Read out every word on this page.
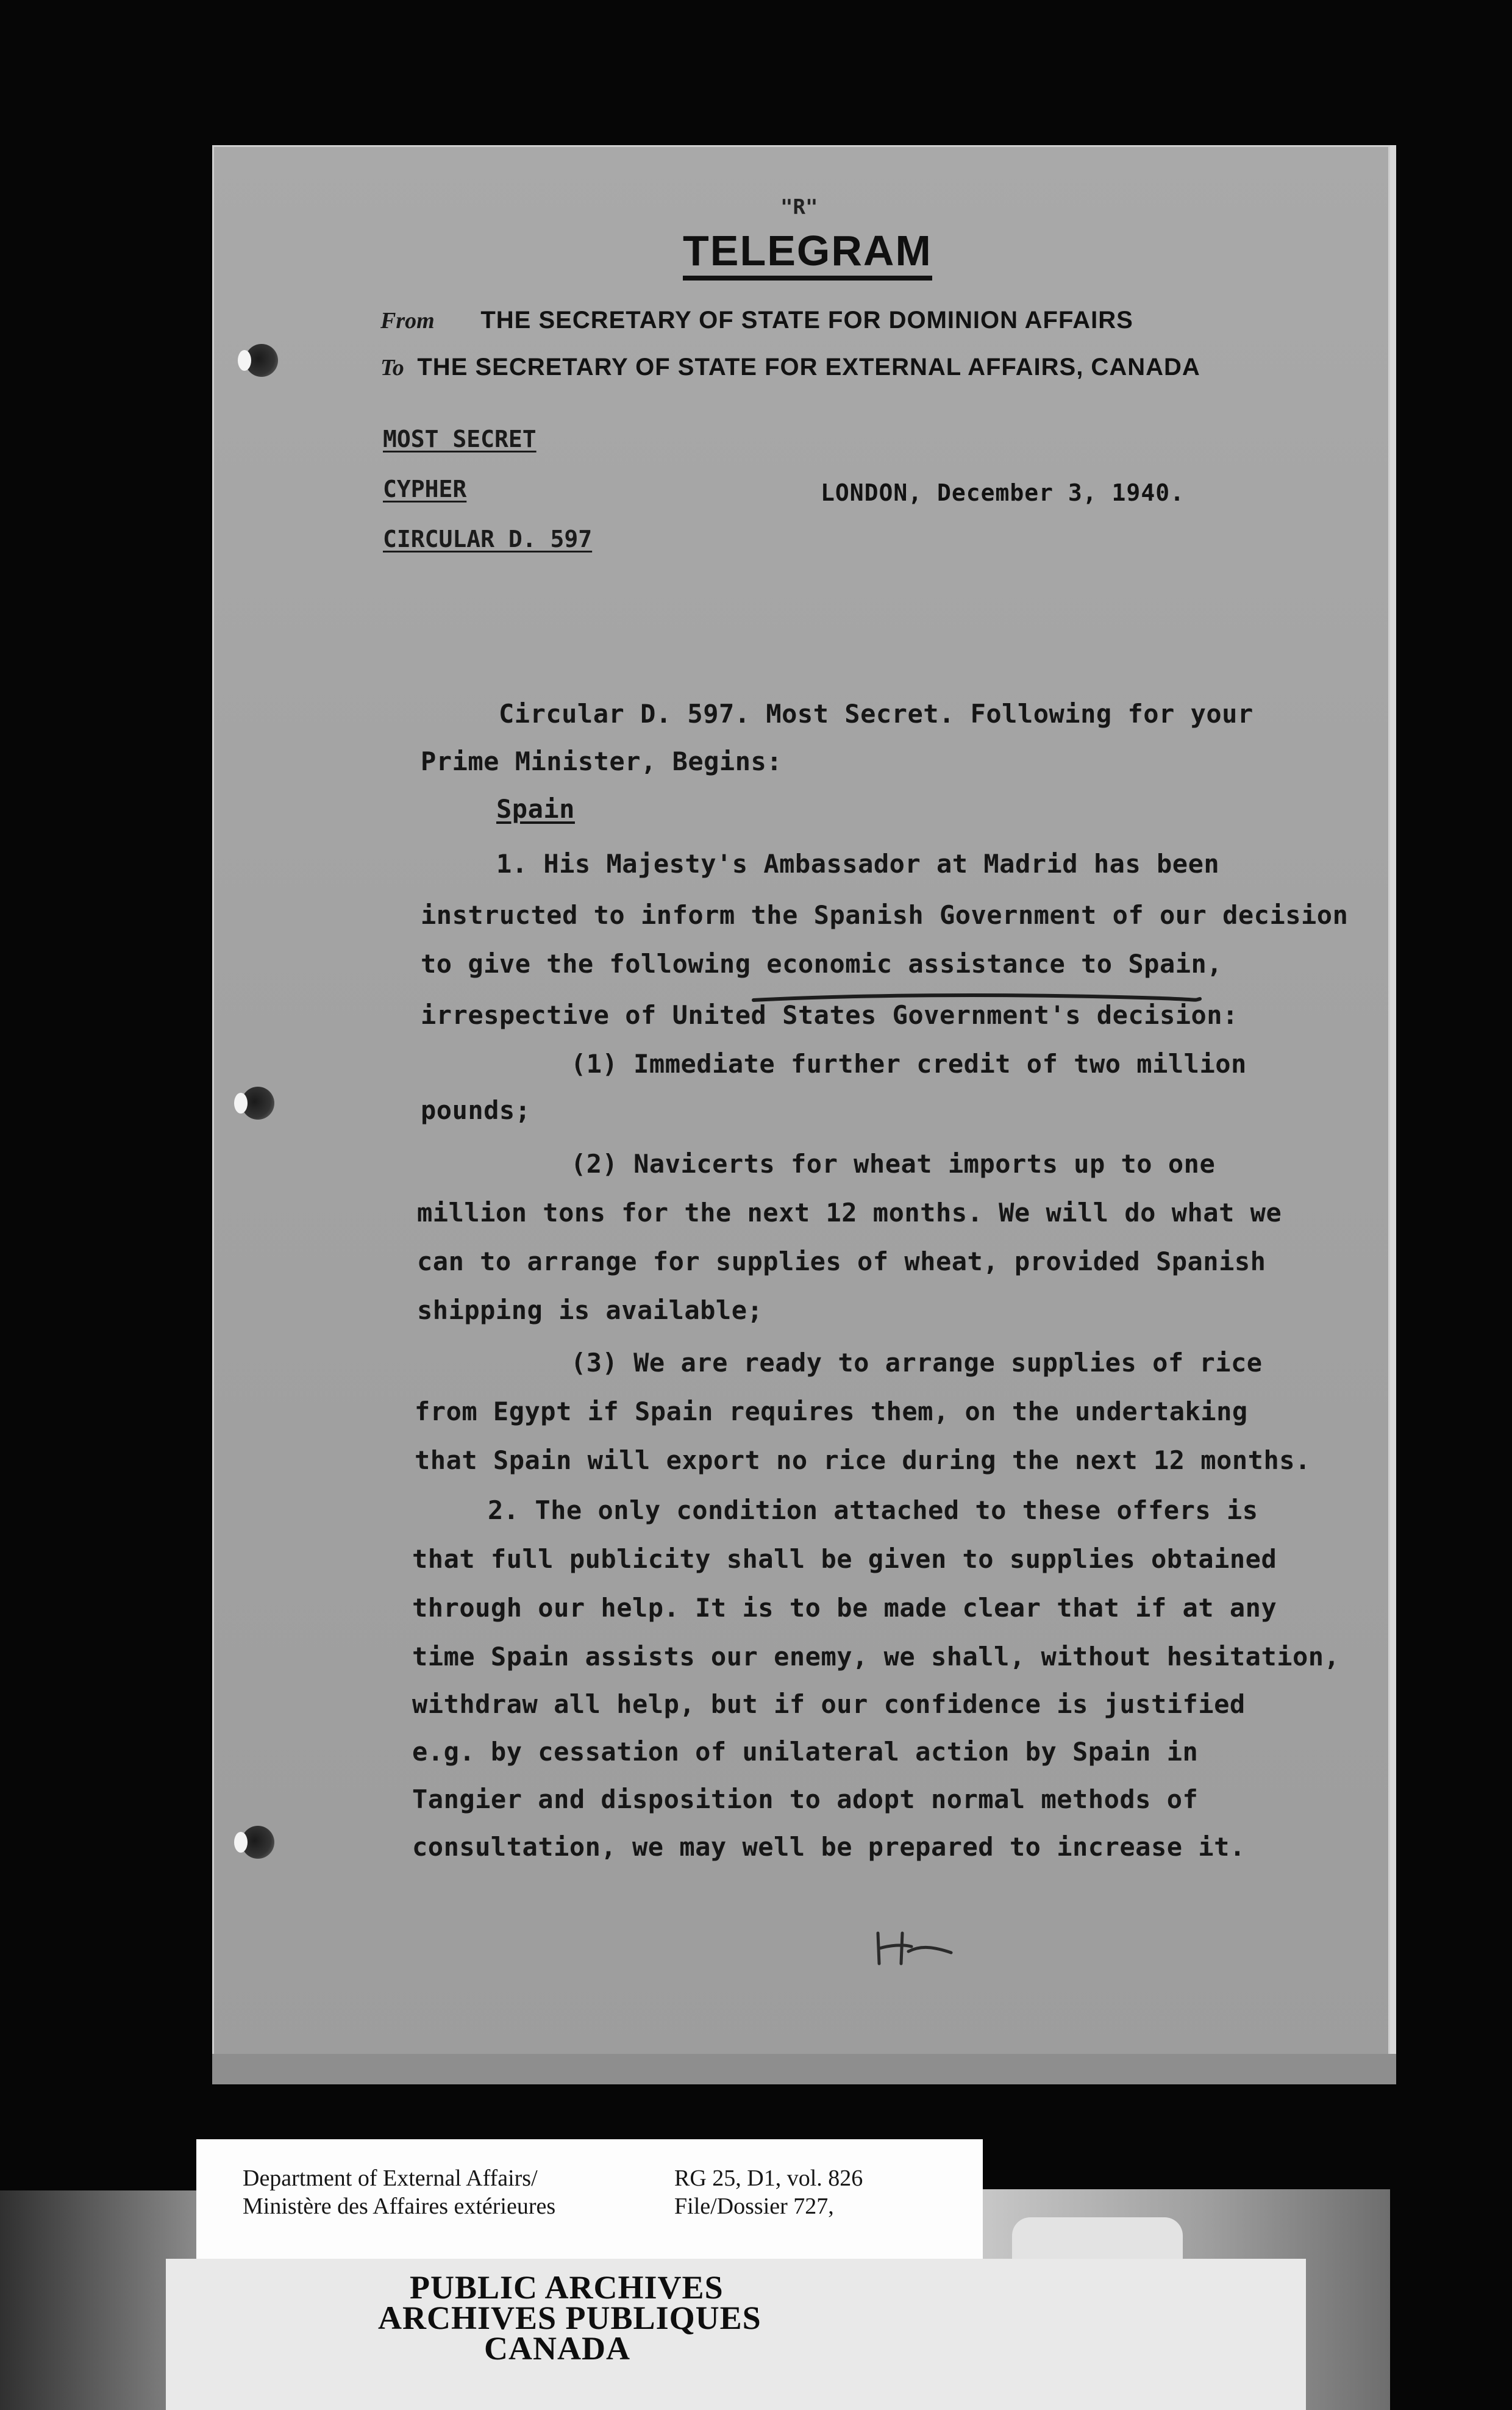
"R"
TELEGRAM
From THE SECRETARY OF STATE FOR DOMINION AFFAIRS
To THE SECRETARY OF STATE FOR EXTERNAL AFFAIRS, CANADA
MOST SECRET
CYPHER
CIRCULAR D. 597
LONDON, December 3, 1940.
Circular D. 597. Most Secret. Following for your
Prime Minister, Begins:
Spain
1. His Majesty's Ambassador at Madrid has been
instructed to inform the Spanish Government of our decision
to give the following economic assistance to Spain,
irrespective of United States Government's decision:
(1) Immediate further credit of two million
pounds;
(2) Navicerts for wheat imports up to one
million tons for the next 12 months. We will do what we
can to arrange for supplies of wheat, provided Spanish
shipping is available;
(3) We are ready to arrange supplies of rice
from Egypt if Spain requires them, on the undertaking
that Spain will export no rice during the next 12 months.
2. The only condition attached to these offers is
that full publicity shall be given to supplies obtained
through our help. It is to be made clear that if at any
time Spain assists our enemy, we shall, without hesitation,
withdraw all help, but if our confidence is justified
e.g. by cessation of unilateral action by Spain in
Tangier and disposition to adopt normal methods of
consultation, we may well be prepared to increase it.
Department of External Affairs/
Ministère des Affaires extérieures
RG 25, D1, vol. 826
File/Dossier 727,
PUBLIC ARCHIVES
ARCHIVES PUBLIQUES
CANADA
